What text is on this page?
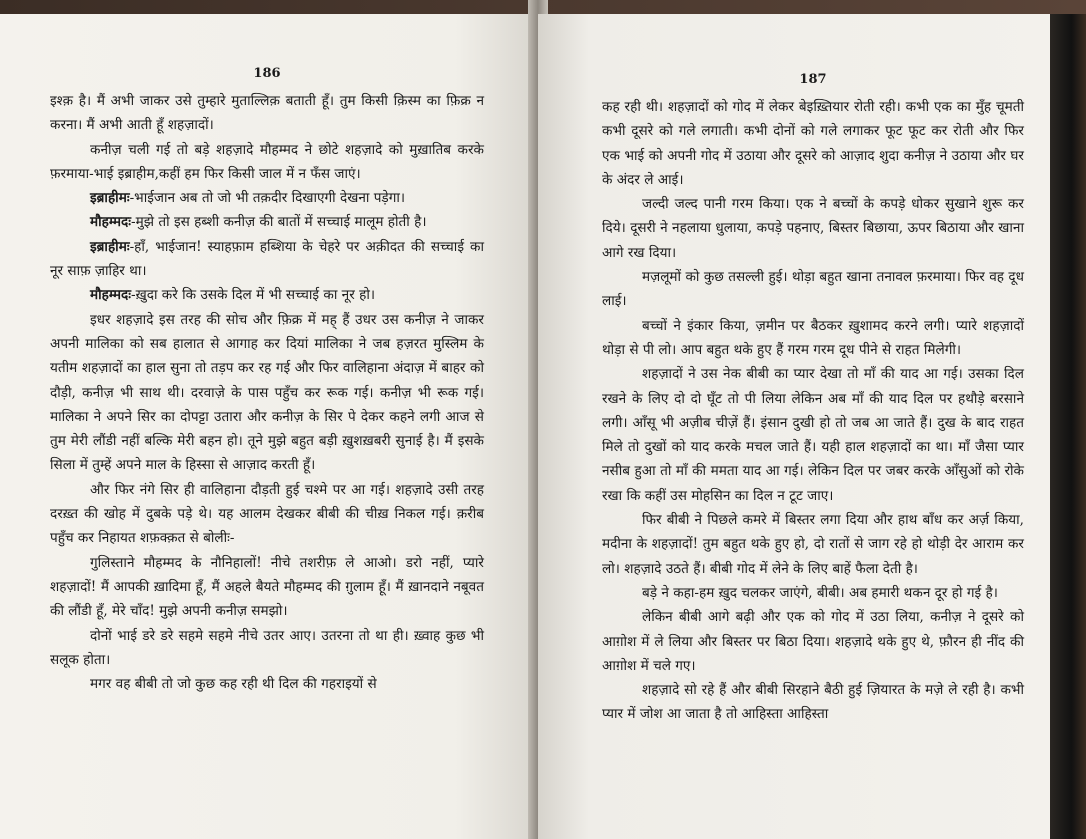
186

इश्क़ है। मैं अभी जाकर उसे तुम्हारे मुताल्लिक़ बताती हूँ। तुम किसी क़िस्म का फ़िक्र न करना। मैं अभी आती हूँ शहज़ादों।

कनीज़ चली गई तो बड़े शहज़ादे मौहम्मद ने छोटे शहज़ादे को मुख़ातिब करके फ़रमाया-भाई इब्राहीम,कहीं हम फिर किसी जाल में न फँस जाएं।

इब्राहीमः-भाईजान अब तो जो भी तक़दीर दिखाएगी देखना पड़ेगा।

मौहम्मदः-मुझे तो इस हब्शी कनीज़ की बातों में सच्चाई मालूम होती है।

इब्राहीमः-हाँ, भाईजान! स्याहफ़ाम हब्शिया के चेहरे पर अक़ीदत की सच्चाई का नूर साफ़ ज़ाहिर था।

मौहम्मदः-ख़ुदा करे कि उसके दिल में भी सच्चाई का नूर हो।

इधर शहज़ादे इस तरह की सोच और फ़िक्र में मह् हैं उधर उस कनीज़ ने जाकर अपनी मालिका को सब हालात से आगाह कर दियां मालिका ने जब हज़रत मुस्लिम के यतीम शहज़ादों का हाल सुना तो तड़प कर रह गई और फिर वालिहाना अंदाज़ में बाहर को दौड़ी, कनीज़ भी साथ थी। दरवाज़े के पास पहुँच कर रूक गई। कनीज़ भी रूक गई। मालिका ने अपने सिर का दोपट्टा उतारा और कनीज़ के सिर पे देकर कहने लगी आज से तुम मेरी लौंडी नहीं बल्कि मेरी बहन हो। तूने मुझे बहुत बड़ी ख़ुशख़बरी सुनाई है। मैं इसके सिला में तुम्हें अपने माल के हिस्सा से आज़ाद करती हूँ।

और फिर नंगे सिर ही वालिहाना दौड़ती हुई चश्मे पर आ गई। शहज़ादे उसी तरह दरख़्त की खोह में दुबके पड़े थे। यह आलम देखकर बीबी की चीख़ निकल गई। क़रीब पहुँच कर निहायत शफ़क्क़त से बोलीः-

गुलिस्ताने मौहम्मद के नौनिहालों! नीचे तशरीफ़ ले आओ। डरो नहीं, प्यारे शहज़ादों! मैं आपकी ख़ादिमा हूँ, मैं अहले बैयते मौहम्मद की ग़ुलाम हूँ। मैं ख़ानदाने नबूवत की लौंडी हूँ, मेरे चाँद! मुझे अपनी कनीज़ समझो।

दोनों भाई डरे डरे सहमे सहमे नीचे उतर आए। उतरना तो था ही। ख़्वाह कुछ भी सलूक होता।

मगर वह बीबी तो जो कुछ कह रही थी दिल की गहराइयों से

187

कह रही थी। शहज़ादों को गोद में लेकर बेइख़्तियार रोती रही। कभी एक का मुँह चूमती कभी दूसरे को गले लगाती। कभी दोनों को गले लगाकर फूट फूट कर रोती और फिर एक भाई को अपनी गोद में उठाया और दूसरे को आज़ाद शुदा कनीज़ ने उठाया और घर के अंदर ले आई।

जल्दी जल्द पानी गरम किया। एक ने बच्चों के कपड़े धोकर सुखाने शुरू कर दिये। दूसरी ने नहलाया धुलाया, कपड़े पहनाए, बिस्तर बिछाया, ऊपर बिठाया और खाना आगे रख दिया।

मज़लूमों को कुछ तसल्ली हुई। थोड़ा बहुत खाना तनावल फ़रमाया। फिर वह दूध लाई।

बच्चों ने इंकार किया, ज़मीन पर बैठकर ख़ुशामद करने लगी। प्यारे शहज़ादों थोड़ा से पी लो। आप बहुत थके हुए हैं गरम गरम दूध पीने से राहत मिलेगी।

शहज़ादों ने उस नेक बीबी का प्यार देखा तो माँ की याद आ गई। उसका दिल रखने के लिए दो दो घूँट तो पी लिया लेकिन अब माँ की याद दिल पर हथौड़े बरसाने लगी। आँसू भी अज़ीब चीज़ें हैं। इंसान दुखी हो तो जब आ जाते हैं। दुख के बाद राहत मिले तो दुखों को याद करके मचल जाते हैं। यही हाल शहज़ादों का था। माँ जैसा प्यार नसीब हुआ तो माँ की ममता याद आ गई। लेकिन दिल पर जबर करके आँसुओं को रोके रखा कि कहीं उस मोहसिन का दिल न टूट जाए।

फिर बीबी ने पिछले कमरे में बिस्तर लगा दिया और हाथ बाँध कर अर्ज़ किया, मदीना के शहज़ादों! तुम बहुत थके हुए हो, दो रातों से जाग रहे हो थोड़ी देर आराम कर लो। शहज़ादे उठते हैं। बीबी गोद में लेने के लिए बाहें फैला देती है।

बड़े ने कहा-हम ख़ुद चलकर जाएंगे, बीबी। अब हमारी थकन दूर हो गई है।

लेकिन बीबी आगे बढ़ी और एक को गोद में उठा लिया, कनीज़ ने दूसरे को आग़ोश में ले लिया और बिस्तर पर बिठा दिया। शहज़ादे थके हुए थे, फ़ौरन ही नींद की आग़ोश में चले गए।

शहज़ादे सो रहे हैं और बीबी सिरहाने बैठी हुई ज़ियारत के मज़े ले रही है। कभी प्यार में जोश आ जाता है तो आहिस्ता आहिस्ता
